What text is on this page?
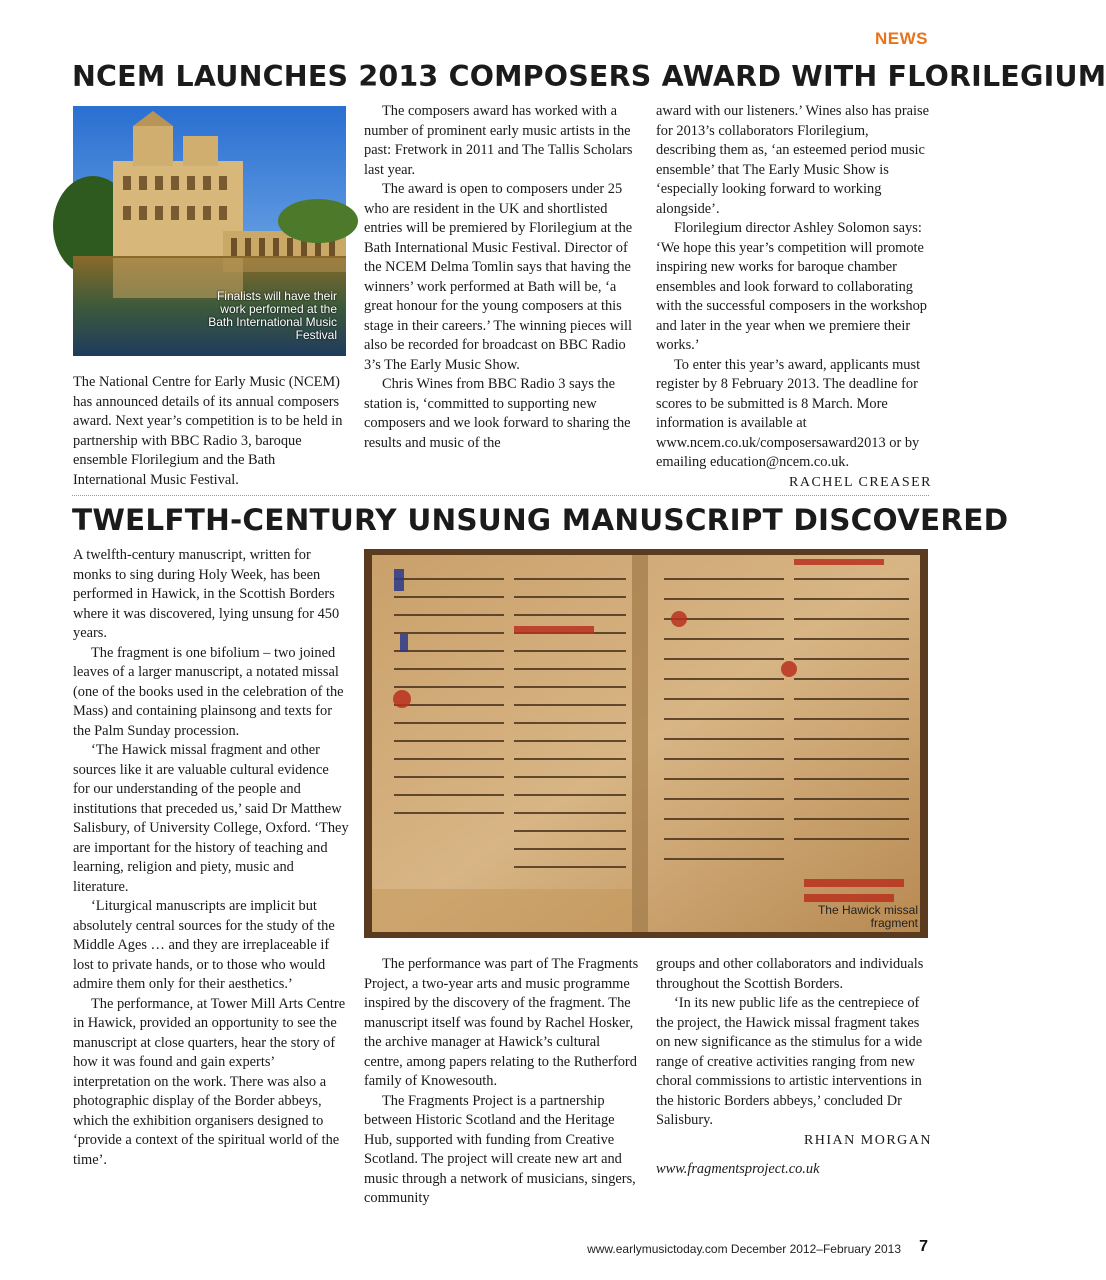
NEWS
NCEM LAUNCHES 2013 COMPOSERS AWARD WITH FLORILEGIUM
Finalists will have their work performed at the Bath International Music Festival

The National Centre for Early Music (NCEM) has announced details of its annual composers award. Next year’s competition is to be held in partnership with BBC Radio 3, baroque ensemble Florilegium and the Bath International Music Festival.

The composers award has worked with a number of prominent early music artists in the past: Fretwork in 2011 and The Tallis Scholars last year.

The award is open to composers under 25 who are resident in the UK and shortlisted entries will be premiered by Florilegium at the Bath International Music Festival. Director of the NCEM Delma Tomlin says that having the winners’ work performed at Bath will be, ‘a great honour for the young composers at this stage in their careers.’ The winning pieces will also be recorded for broadcast on BBC Radio 3’s The Early Music Show.

Chris Wines from BBC Radio 3 says the station is, ‘committed to supporting new composers and we look forward to sharing the results and music of the

award with our listeners.’ Wines also has praise for 2013’s collaborators Florilegium, describing them as, ‘an esteemed period music ensemble’ that The Early Music Show is ‘especially looking forward to working alongside’.

Florilegium director Ashley Solomon says: ‘We hope this year’s competition will promote inspiring new works for baroque chamber ensembles and look forward to collaborating with the successful composers in the workshop and later in the year when we premiere their works.’

To enter this year’s award, applicants must register by 8 February 2013. The deadline for scores to be submitted is 8 March. More information is available at www.ncem.co.uk/composersaward2013 or by emailing education@ncem.co.uk.

RACHEL CREASER

TWELFTH-CENTURY UNSUNG MANUSCRIPT DISCOVERED

A twelfth-century manuscript, written for monks to sing during Holy Week, has been performed in Hawick, in the Scottish Borders where it was discovered, lying unsung for 450 years.

The fragment is one bifolium – two joined leaves of a larger manuscript, a notated missal (one of the books used in the celebration of the Mass) and containing plainsong and texts for the Palm Sunday procession.

‘The Hawick missal fragment and other sources like it are valuable cultural evidence for our understanding of the people and institutions that preceded us,’ said Dr Matthew Salisbury, of University College, Oxford. ‘They are important for the history of teaching and learning, religion and piety, music and literature.

‘Liturgical manuscripts are implicit but absolutely central sources for the study of the Middle Ages … and they are irreplaceable if lost to private hands, or to those who would admire them only for their aesthetics.’

The performance, at Tower Mill Arts Centre in Hawick, provided an opportunity to see the manuscript at close quarters, hear the story of how it was found and gain experts’ interpretation on the work. There was also a photographic display of the Border abbeys, which the exhibition organisers designed to ‘provide a context of the spiritual world of the time’.

The Hawick missal fragment

The performance was part of The Fragments Project, a two-year arts and music programme inspired by the discovery of the fragment. The manuscript itself was found by Rachel Hosker, the archive manager at Hawick’s cultural centre, among papers relating to the Rutherford family of Knowesouth.

The Fragments Project is a partnership between Historic Scotland and the Heritage Hub, supported with funding from Creative Scotland. The project will create new art and music through a network of musicians, singers, community

groups and other collaborators and individuals throughout the Scottish Borders.

‘In its new public life as the centrepiece of the project, the Hawick missal fragment takes on new significance as the stimulus for a wide range of creative activities ranging from new choral commissions to artistic interventions in the historic Borders abbeys,’ concluded Dr Salisbury.

RHIAN MORGAN

www.fragmentsproject.co.uk

www.earlymusictoday.com December 2012–February 2013 7
